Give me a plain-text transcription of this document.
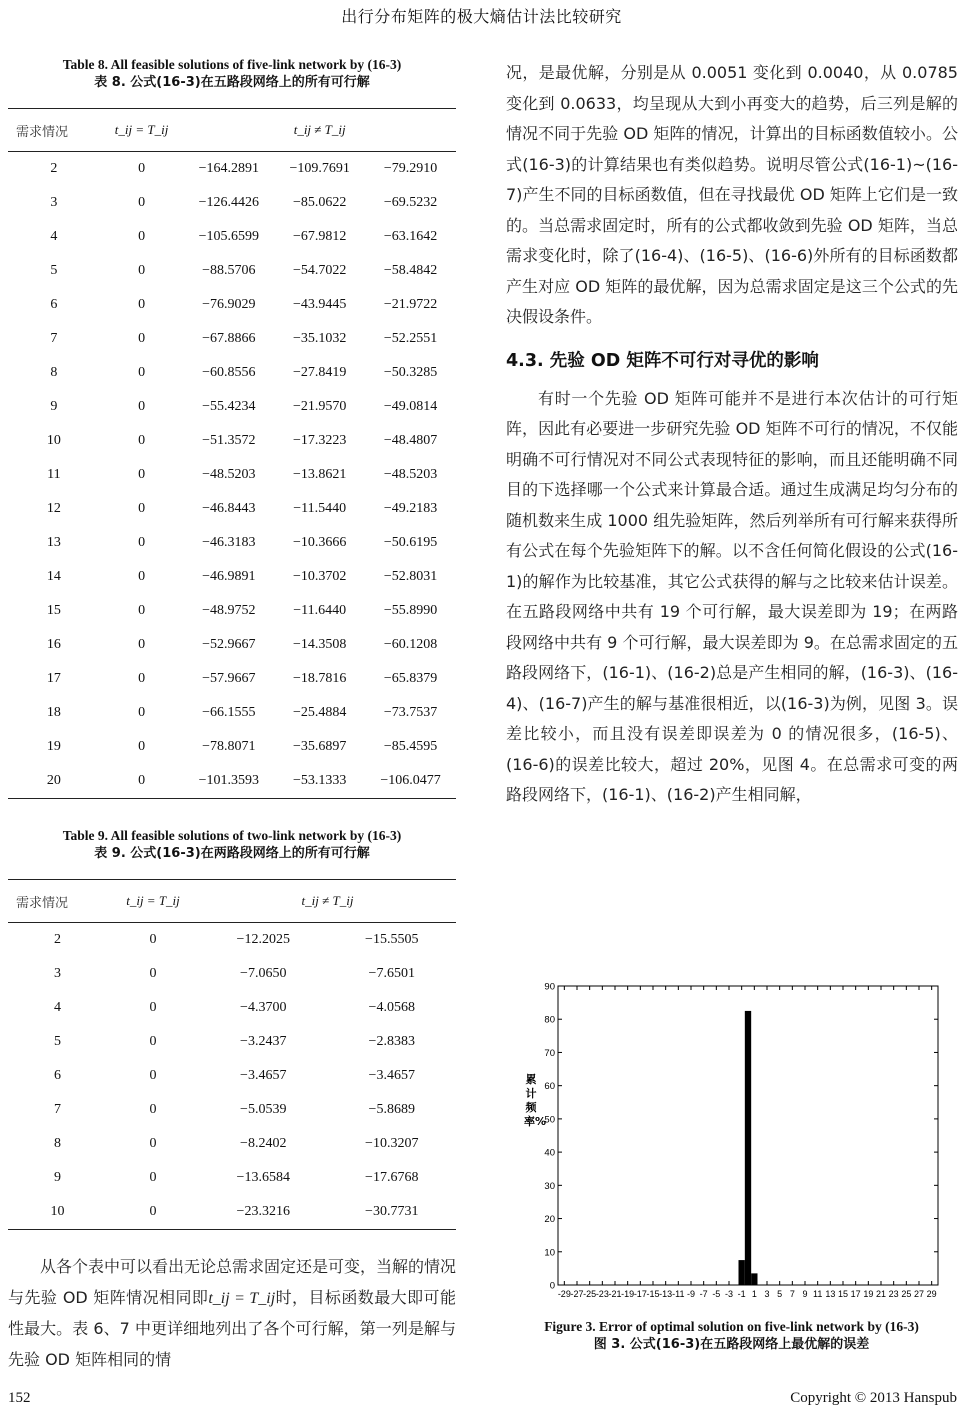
出行分布矩阵的极大熵估计法比较研究
Table 8. All feasible solutions of five-link network by (16-3)
表 8. 公式(16-3)在五路段网络上的所有可行解
需求情况	t_ij = T_ij	t_ij ≠ T_ij		
2	0	−164.2891	−109.7691	−79.2910
3	0	−126.4426	−85.0622	−69.5232
4	0	−105.6599	−67.9812	−63.1642
5	0	−88.5706	−54.7022	−58.4842
6	0	−76.9029	−43.9445	−21.9722
7	0	−67.8866	−35.1032	−52.2551
8	0	−60.8556	−27.8419	−50.3285
9	0	−55.4234	−21.9570	−49.0814
10	0	−51.3572	−17.3223	−48.4807
11	0	−48.5203	−13.8621	−48.5203
12	0	−46.8443	−11.5440	−49.2183
13	0	−46.3183	−10.3666	−50.6195
14	0	−46.9891	−10.3702	−52.8031
15	0	−48.9752	−11.6440	−55.8990
16	0	−52.9667	−14.3508	−60.1208
17	0	−57.9667	−18.7816	−65.8379
18	0	−66.1555	−25.4884	−73.7537
19	0	−78.8071	−35.6897	−85.4595
20	0	−101.3593	−53.1333	−106.0477
Table 9. All feasible solutions of two-link network by (16-3)
表 9. 公式(16-3)在两路段网络上的所有可行解
需求情况	t_ij = T_ij	t_ij ≠ T_ij	
2	0	−12.2025	−15.5505
3	0	−7.0650	−7.6501
4	0	−4.3700	−4.0568
5	0	−3.2437	−2.8383
6	0	−3.4657	−3.4657
7	0	−5.0539	−5.8689
8	0	−8.2402	−10.3207
9	0	−13.6584	−17.6768
10	0	−23.3216	−30.7731

从各个表中可以看出无论总需求固定还是可变，当解的情况与先验 OD 矩阵情况相同即t_ij = T_ij时，目标函数最大即可能性最大。表 6、7 中更详细地列出了各个可行解，第一列是解与先验 OD 矩阵相同的情

况，是最优解，分别是从 0.0051 变化到 0.0040，从 0.0785 变化到 0.0633，均呈现从大到小再变大的趋势，后三列是解的情况不同于先验 OD 矩阵的情况，计算出的目标函数值较小。公式(16-3)的计算结果也有类似趋势。说明尽管公式(16-1)~(16-7)产生不同的目标函数值，但在寻找最优 OD 矩阵上它们是一致的。当总需求固定时，所有的公式都收敛到先验 OD 矩阵，当总需求变化时，除了(16-4)、(16-5)、(16-6)外所有的目标函数都产生对应 OD 矩阵的最优解，因为总需求固定是这三个公式的先决假设条件。

4.3. 先验 OD 矩阵不可行对寻优的影响

有时一个先验 OD 矩阵可能并不是进行本次估计的可行矩阵，因此有必要进一步研究先验 OD 矩阵不可行的情况，不仅能明确不可行情况对不同公式表现特征的影响，而且还能明确不同目的下选择哪一个公式来计算最合适。通过生成满足均匀分布的随机数来生成 1000 组先验矩阵，然后列举所有可行解来获得所有公式在每个先验矩阵下的解。以不含任何简化假设的公式(16-1)的解作为比较基准，其它公式获得的解与之比较来估计误差。在五路段网络中共有 19 个可行解，最大误差即为 19；在两路段网络中共有 9 个可行解，最大误差即为 9。在总需求固定的五路段网络下，(16-1)、(16-2)总是产生相同的解，(16-3)、(16-4)、(16-7)产生的解与基准很相近，以(16-3)为例，见图 3。误差比较小，而且没有误差即误差为 0 的情况很多，(16-5)、(16-6)的误差比较大，超过 20%，见图 4。在总需求可变的两路段网络下，(16-1)、(16-2)产生相同解，

0
10
20
30
40
50
60
70
80
90
-29 -27 -25 -23 -21 -19 -17 -15 -13 -11 -9 -7 -5 -3 -1 1 3 5 7 9 11 13 15 17 19 21 23 25 27 29
累计频率%
Figure 3. Error of optimal solution on five-link network by (16-3)
图 3. 公式(16-3)在五路段网络上最优解的误差
152	Copyright © 2013 Hanspub
